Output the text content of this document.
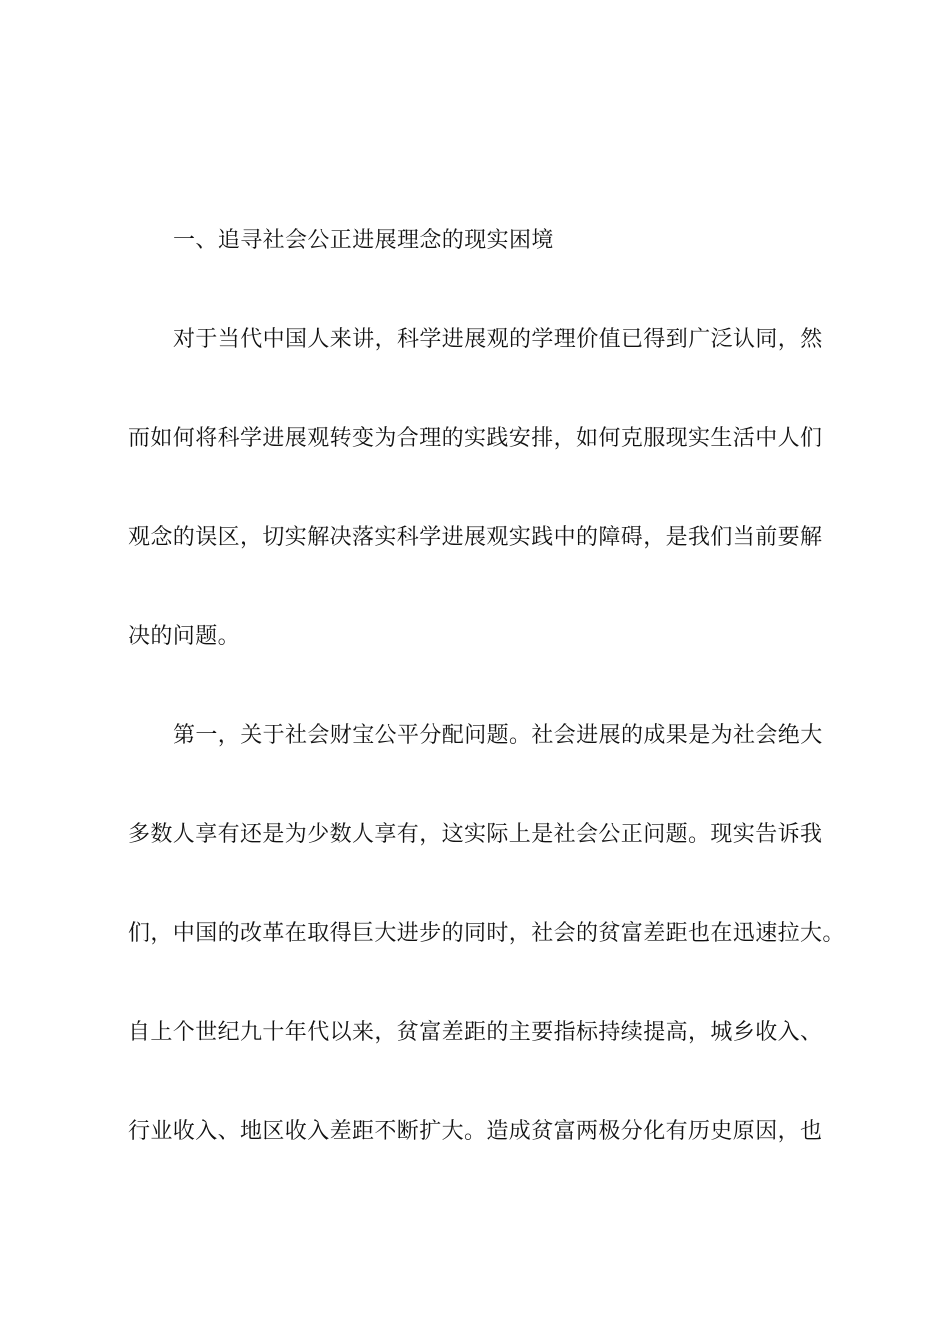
一、追寻社会公正进展理念的现实困境
对于当代中国人来讲，科学进展观的学理价值已得到广泛认同，然
而如何将科学进展观转变为合理的实践安排，如何克服现实生活中人们
观念的误区，切实解决落实科学进展观实践中的障碍，是我们当前要解
决的问题。
第一，关于社会财宝公平分配问题。社会进展的成果是为社会绝大
多数人享有还是为少数人享有，这实际上是社会公正问题。现实告诉我
们，中国的改革在取得巨大进步的同时，社会的贫富差距也在迅速拉大。
自上个世纪九十年代以来，贫富差距的主要指标持续提高，城乡收入、
行业收入、地区收入差距不断扩大。造成贫富两极分化有历史原因，也
